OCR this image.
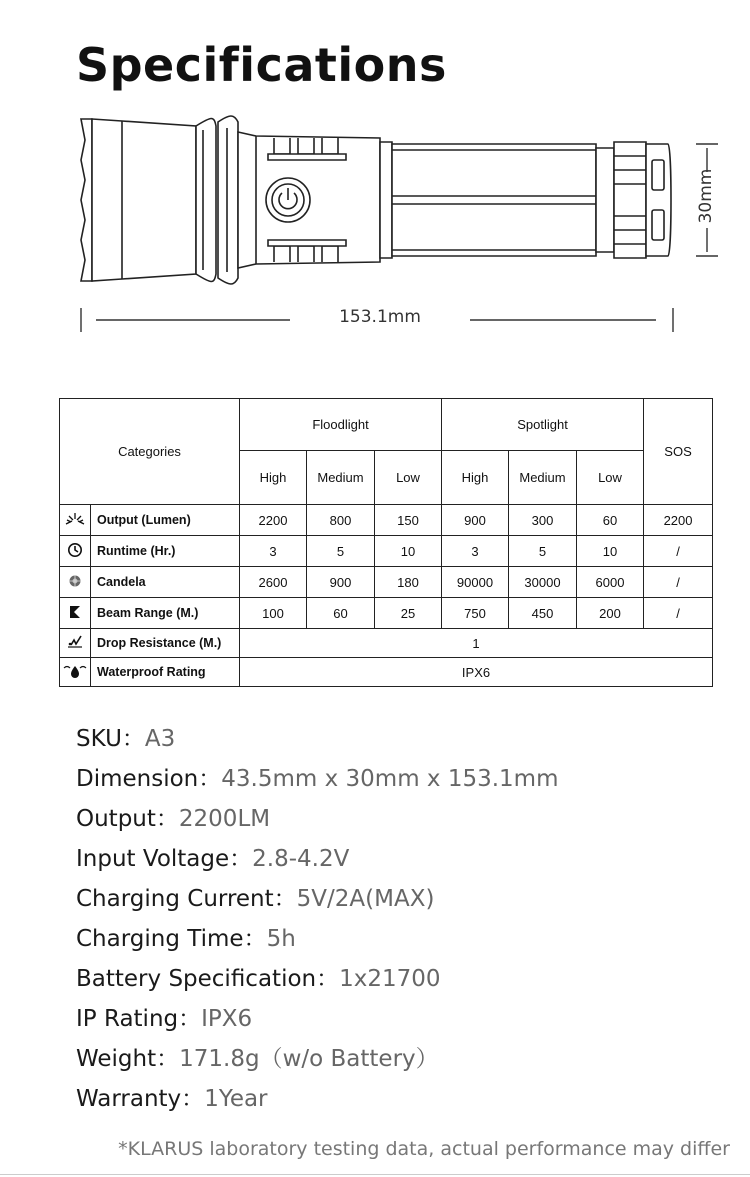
Specifications
153.1mm
30mm
Categories		Floodlight			Spotlight			SOS
		High	Medium	Low	High	Medium	Low	
	Output (Lumen)	2200	800	150	900	300	60	2200
	Runtime (Hr.)	3	5	10	3	5	10	/
	Candela	2600	900	180	90000	30000	6000	/
	Beam Range (M.)	100	60	25	750	450	200	/
	Drop Resistance (M.)	1						
	Waterproof Rating	IPX6						
SKU：A3
Dimension：43.5mm x 30mm x 153.1mm
Output：2200LM
Input Voltage：2.8-4.2V
Charging Current：5V/2A(MAX)
Charging Time：5h
Battery Specification：1x21700
IP Rating：IPX6
Weight：171.8g（w/o Battery）
Warranty：1Year
*KLARUS laboratory testing data, actual performance may differ
